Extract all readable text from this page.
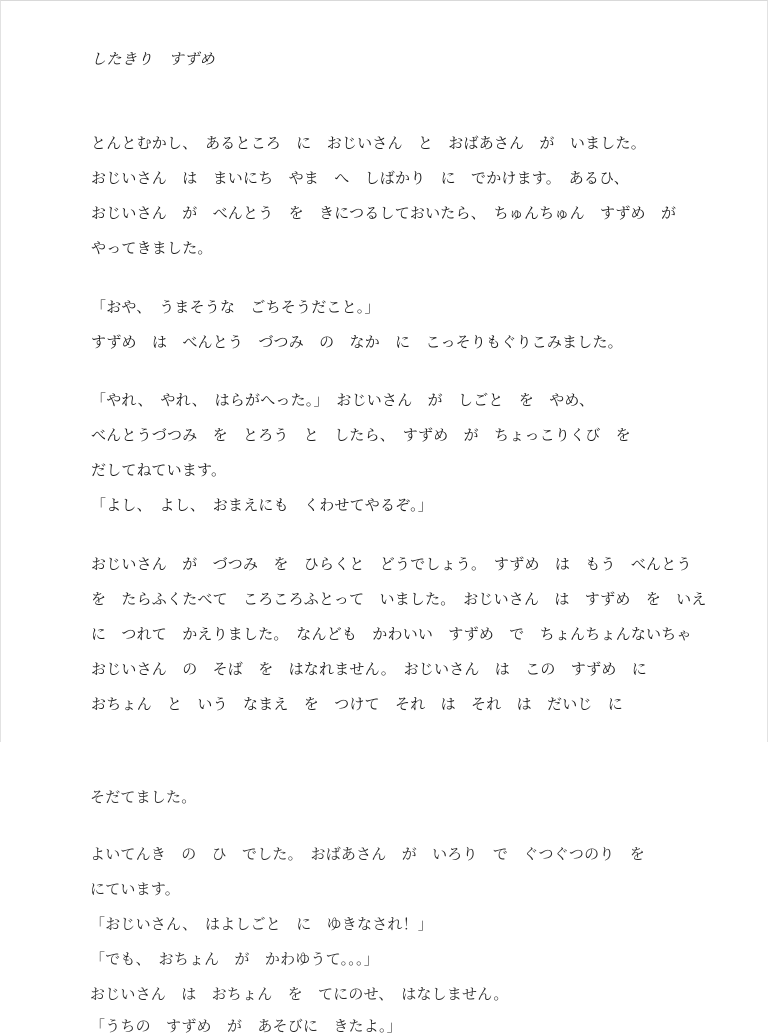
したきり　すずめ
とんとむかし、　あるところ　に　おじいさん　と　おばあさん　が　いました。
おじいさん　は　まいにち　やま　へ　しばかり　に　でかけます。　あるひ、
おじいさん　が　べんとう　を　きにつるしておいたら、　ちゅんちゅん　すずめ　が
やってきました。
「おや、　うまそうな　ごちそうだこと。」
すずめ　は　べんとう　づつみ　の　なか　に　こっそりもぐりこみました。
「やれ、　やれ、　はらがへった。」　おじいさん　が　しごと　を　やめ、
べんとうづつみ　を　とろう　と　したら、　すずめ　が　ちょっこりくび　を
だしてねています。
「よし、　よし、　おまえにも　くわせてやるぞ。」
おじいさん　が　づつみ　を　ひらくと　どうでしょう。　すずめ　は　もう　べんとう
を　たらふくたべて　ころころふとって　いました。　おじいさん　は　すずめ　を　いえ
に　つれて　かえりました。　なんども　かわいい　すずめ　で　ちょんちょんないちゃ
おじいさん　の　そば　を　はなれません。　おじいさん　は　この　すずめ　に
おちょん　と　いう　なまえ　を　つけて　それ　は　それ　は　だいじ　に
そだてました。
よいてんき　の　ひ　でした。　おばあさん　が　いろり　で　ぐつぐつのり　を
にています。
「おじいさん、　はよしごと　に　ゆきなされ！」
「でも、　おちょん　が　かわゆうて。。。」
おじいさん　は　おちょん　を　てにのせ、　はなしません。
「うちの　すずめ　が　あそびに　きたよ。」
